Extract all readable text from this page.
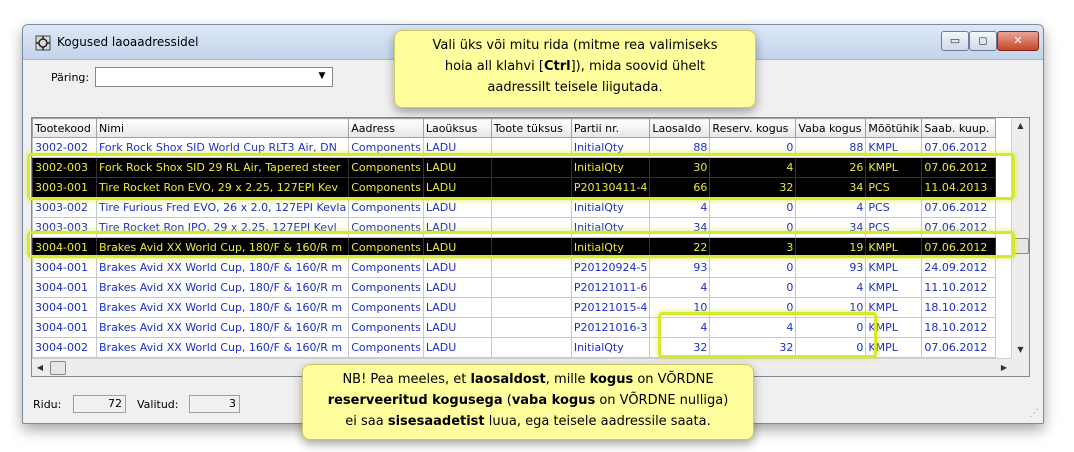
Kogused laoaadressidel	▭	◻	✕
Päring:	▼
Tootekood	Nimi	Aadress	Laoüksus	Toote tüksus	Partii nr.	Laosaldo	Reserv. kogus	Vaba kogus	Mõõtühik	Saab. kuup.
3002-002	Fork Rock Shox SID World Cup RLT3 Air, DN	Components	LADU		InitialQty	88	0	88	KMPL	07.06.2012
3002-003	Fork Rock Shox SID 29 RL Air, Tapered steer	Components	LADU		InitialQty	30	4	26	KMPL	07.06.2012
3003-001	Tire Rocket Ron EVO, 29 x 2.25, 127EPI Kev	Components	LADU		P20130411-4	66	32	34	PCS	11.04.2013
3003-002	Tire Furious Fred EVO, 26 x 2.0, 127EPI Kevla	Components	LADU		InitialQty	4	0	4	PCS	07.06.2012
3003-003	Tire Rocket Ron IPO, 29 x 2.25, 127EPI Kevl	Components	LADU		InitialQty	34	0	34	PCS	07.06.2012
3004-001	Brakes Avid XX World Cup, 180/F & 160/R m	Components	LADU		InitialQty	22	3	19	KMPL	07.06.2012
3004-001	Brakes Avid XX World Cup, 180/F & 160/R m	Components	LADU		P20120924-5	93	0	93	KMPL	24.09.2012
3004-001	Brakes Avid XX World Cup, 180/F & 160/R m	Components	LADU		P20121011-6	4	0	4	KMPL	11.10.2012
3004-001	Brakes Avid XX World Cup, 180/F & 160/R m	Components	LADU		P20121015-4	10	0	10	KMPL	18.10.2012
3004-001	Brakes Avid XX World Cup, 180/F & 160/R m	Components	LADU		P20121016-3	4	4	0	KMPL	18.10.2012
3004-002	Brakes Avid XX World Cup, 160/F & 160/R m	Components	LADU		InitialQty	32	32	0	KMPL	07.06.2012
▲
▼
◀	▶
Ridu:	72	Valitud:	3
⋰
Vali üks või mitu rida (mitme rea valimiseks
hoia all klahvi [Ctrl]), mida soovid ühelt
aadressilt teisele liigutada.
NB! Pea meeles, et laosaldost, mille kogus on VÕRDNE
reserveeritud kogusega (vaba kogus on VÕRDNE nulliga)
ei saa sisesaadetist luua, ega teisele aadressile saata.
